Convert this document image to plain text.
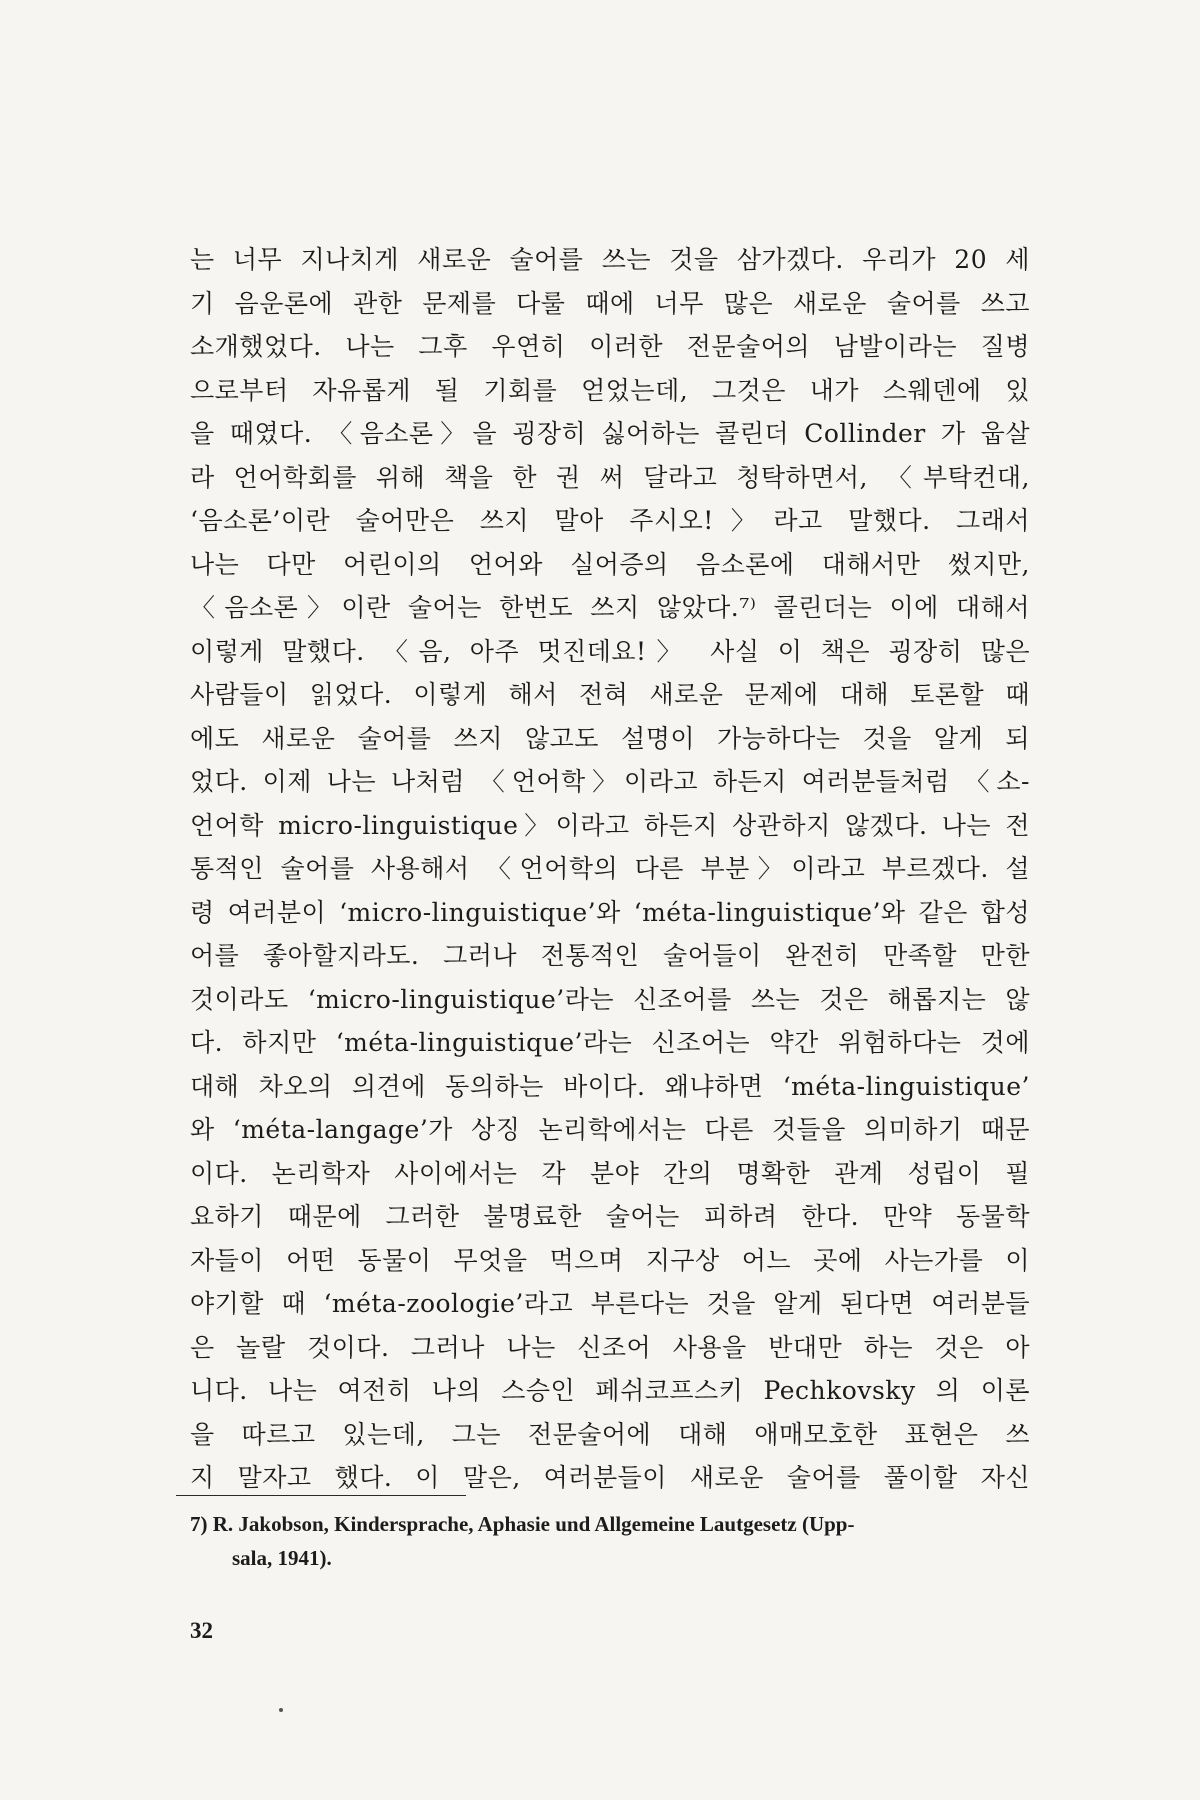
는 너무 지나치게 새로운 술어를 쓰는 것을 삼가겠다. 우리가 20 세
기 음운론에 관한 문제를 다룰 때에 너무 많은 새로운 술어를 쓰고
소개했었다. 나는 그후 우연히 이러한 전문술어의 남발이라는 질병
으로부터 자유롭게 될 기회를 얻었는데, 그것은 내가 스웨덴에 있
을 때였다. 〈음소론〉을 굉장히 싫어하는 콜린더 Collinder 가 웁살
라 언어학회를 위해 책을 한 권 써 달라고 청탁하면서, 〈부탁컨대,
‘음소론’이란 술어만은 쓰지 말아 주시오!〉라고 말했다. 그래서
나는 다만 어린이의 언어와 실어증의 음소론에 대해서만 썼지만,
〈음소론〉이란 술어는 한번도 쓰지 않았다.⁷⁾ 콜린더는 이에 대해서
이렇게 말했다. 〈음, 아주 멋진데요!〉 사실 이 책은 굉장히 많은
사람들이 읽었다. 이렇게 해서 전혀 새로운 문제에 대해 토론할 때
에도 새로운 술어를 쓰지 않고도 설명이 가능하다는 것을 알게 되
었다. 이제 나는 나처럼 〈언어학〉이라고 하든지 여러분들처럼 〈소-
언어학 micro-linguistique〉이라고 하든지 상관하지 않겠다. 나는 전
통적인 술어를 사용해서 〈언어학의 다른 부분〉이라고 부르겠다. 설
령 여러분이 ‘micro-linguistique’와 ‘méta-linguistique’와 같은 합성
어를 좋아할지라도. 그러나 전통적인 술어들이 완전히 만족할 만한
것이라도 ‘micro-linguistique’라는 신조어를 쓰는 것은 해롭지는 않
다. 하지만 ‘méta-linguistique’라는 신조어는 약간 위험하다는 것에
대해 차오의 의견에 동의하는 바이다. 왜냐하면 ‘méta-linguistique’
와 ‘méta-langage’가 상징 논리학에서는 다른 것들을 의미하기 때문
이다. 논리학자 사이에서는 각 분야 간의 명확한 관계 성립이 필
요하기 때문에 그러한 불명료한 술어는 피하려 한다. 만약 동물학
자들이 어떤 동물이 무엇을 먹으며 지구상 어느 곳에 사는가를 이
야기할 때 ‘méta-zoologie’라고 부른다는 것을 알게 된다면 여러분들
은 놀랄 것이다. 그러나 나는 신조어 사용을 반대만 하는 것은 아
니다. 나는 여전히 나의 스승인 페쉬코프스키 Pechkovsky 의 이론
을 따르고 있는데, 그는 전문술어에 대해 애매모호한 표현은 쓰
지 말자고 했다. 이 말은, 여러분들이 새로운 술어를 풀이할 자신
7) R. Jakobson, Kindersprache, Aphasie und Allgemeine Lautgesetz (Upp-
sala, 1941).
32
